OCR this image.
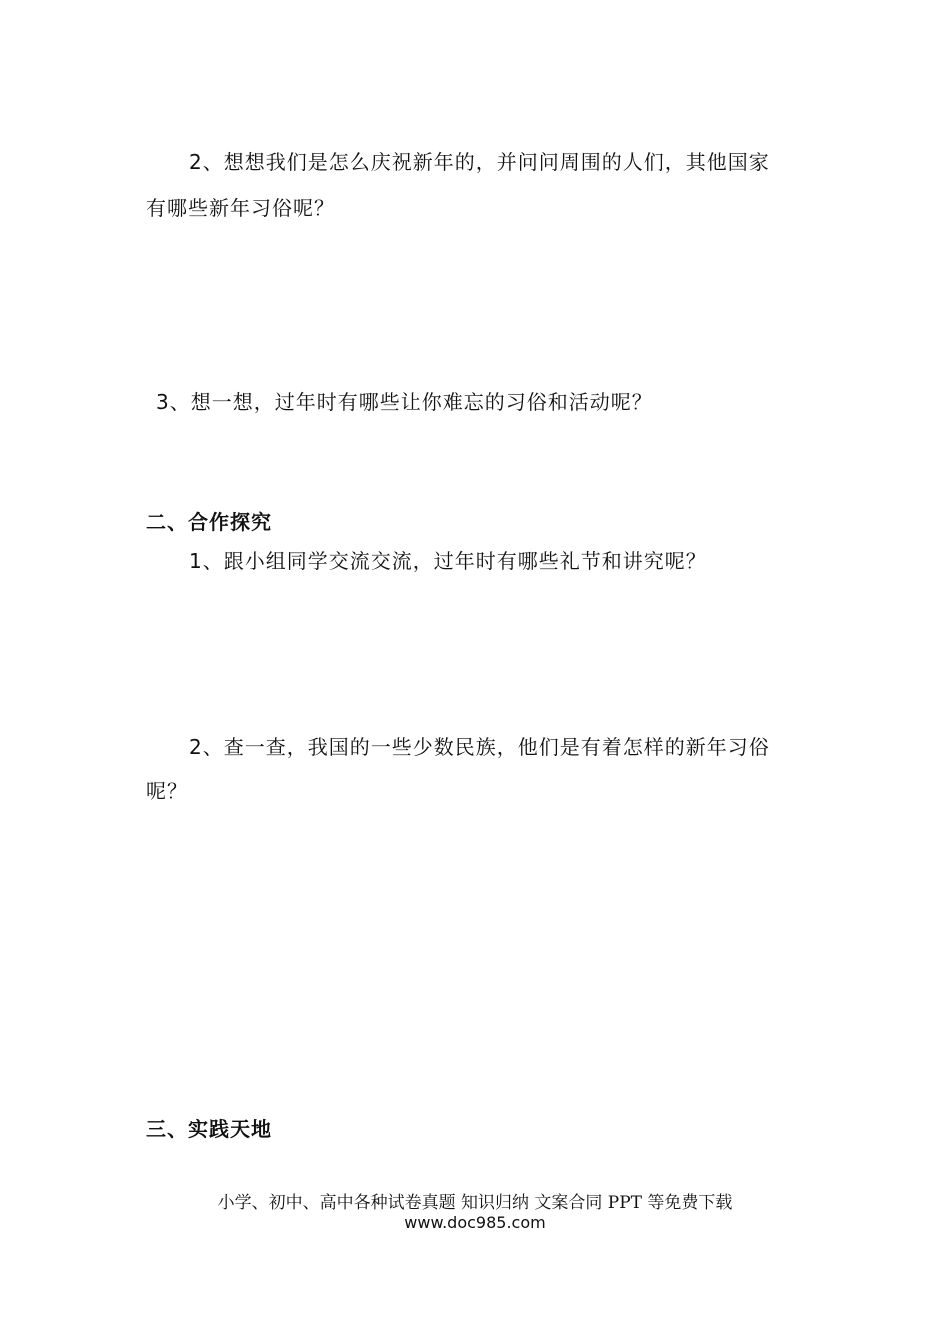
2、想想我们是怎么庆祝新年的，并问问周围的人们，其他国家
有哪些新年习俗呢？
3、想一想，过年时有哪些让你难忘的习俗和活动呢？
二、合作探究
1、跟小组同学交流交流，过年时有哪些礼节和讲究呢？
2、查一查，我国的一些少数民族，他们是有着怎样的新年习俗
呢？
三、实践天地
小学、初中、高中各种试卷真题 知识归纳 文案合同 PPT 等免费下载
www.doc985.com
